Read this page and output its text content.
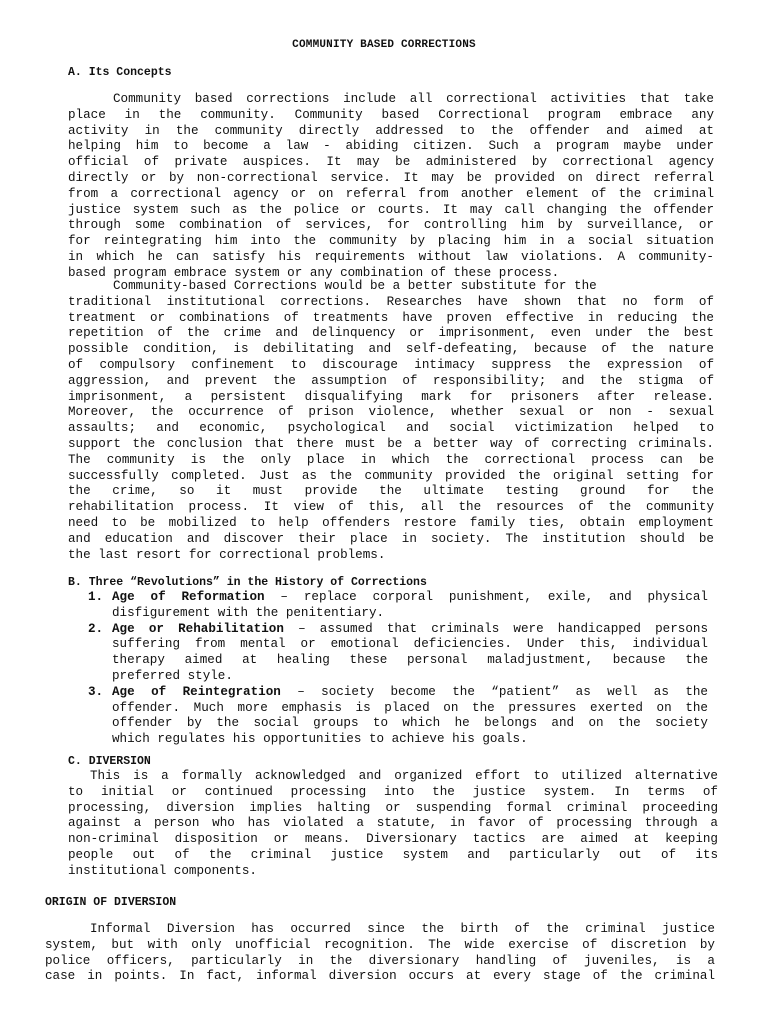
COMMUNITY BASED CORRECTIONS
A. Its Concepts
Community based corrections include all correctional activities that take
place in the community. Community based Correctional program embrace any
activity in the community directly addressed to the offender and aimed at
helping him to become a law - abiding citizen. Such a program maybe under
official of private auspices. It may be administered by correctional agency
directly or by non-correctional service. It may be provided on direct referral
from a correctional agency or on referral from another element of the criminal
justice system such as the police or courts. It may call changing the offender
through some combination of services, for controlling him by surveillance, or
for reintegrating him into the community by placing him in a social situation
in which he can satisfy his requirements without law violations. A community-
based program embrace system or any combination of these process.
Community-based Corrections would be a better substitute for the
traditional institutional corrections. Researches have shown that no form of
treatment or combinations of treatments have proven effective in reducing the
repetition of the crime and delinquency or imprisonment, even under the best
possible condition, is debilitating and self-defeating, because of the nature
of compulsory confinement to discourage intimacy suppress the expression of
aggression, and prevent the assumption of responsibility; and the stigma of
imprisonment, a persistent disqualifying mark for prisoners after release.
Moreover, the occurrence of prison violence, whether sexual or non - sexual
assaults; and economic, psychological and social victimization helped to
support the conclusion that there must be a better way of correcting criminals.
The community is the only place in which the correctional process can be
successfully completed. Just as the community provided the original setting for
the crime, so it must provide the ultimate testing ground for the
rehabilitation process. It view of this, all the resources of the community
need to be mobilized to help offenders restore family ties, obtain employment
and education and discover their place in society. The institution should be
the last resort for correctional problems.
B. Three “Revolutions” in the History of Corrections
1. Age of Reformation – replace corporal punishment, exile, and physical
disfigurement with the penitentiary.
2. Age or Rehabilitation – assumed that criminals were handicapped persons
suffering from mental or emotional deficiencies. Under this, individual
therapy aimed at healing these personal maladjustment, because the
preferred style.
3. Age of Reintegration – society become the “patient” as well as the
offender. Much more emphasis is placed on the pressures exerted on the
offender by the social groups to which he belongs and on the society
which regulates his opportunities to achieve his goals.
C. DIVERSION
This is a formally acknowledged and organized effort to utilized alternative
to initial or continued processing into the justice system. In terms of
processing, diversion implies halting or suspending formal criminal proceeding
against a person who has violated a statute, in favor of processing through a
non-criminal disposition or means. Diversionary tactics are aimed at keeping
people out of the criminal justice system and particularly out of its
institutional components.
ORIGIN OF DIVERSION
Informal Diversion has occurred since the birth of the criminal justice
system, but with only unofficial recognition. The wide exercise of discretion by
police officers, particularly in the diversionary handling of juveniles, is a
case in points. In fact, informal diversion occurs at every stage of the criminal
